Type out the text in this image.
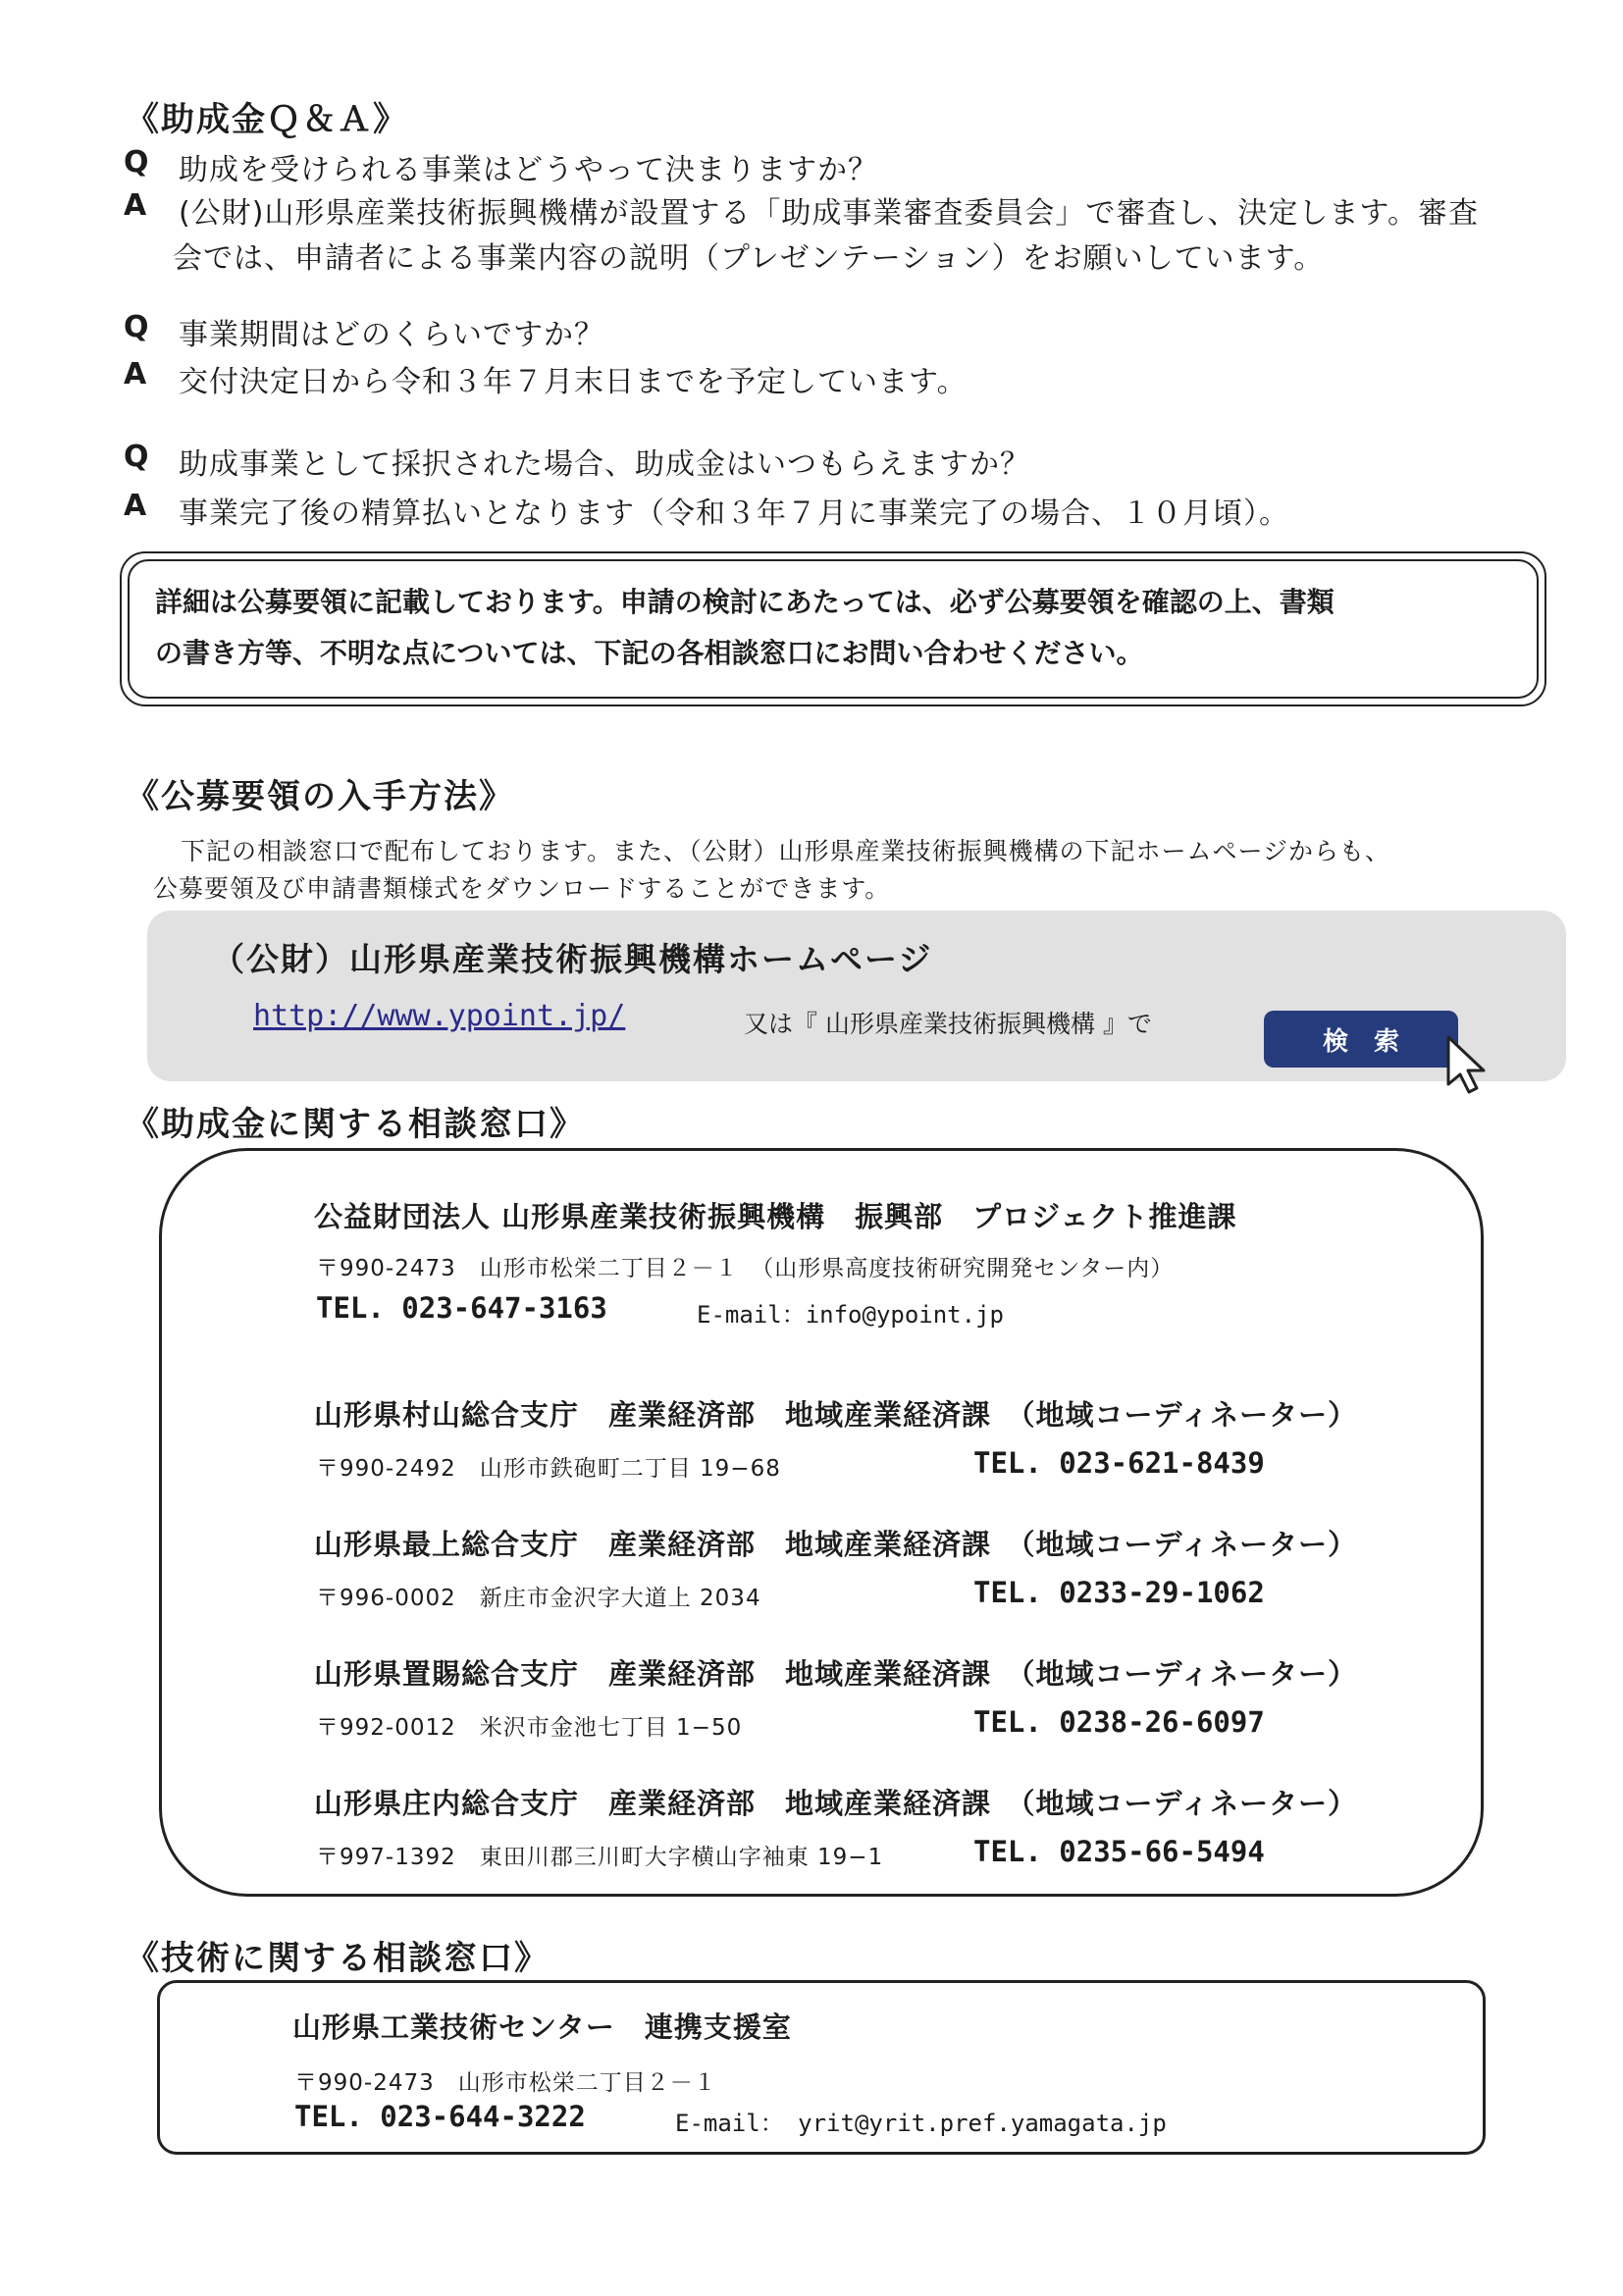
《助成金Ｑ＆Ａ》
Q 助成を受けられる事業はどうやって決まりますか？
A (公財)山形県産業技術振興機構が設置する「助成事業審査委員会」で審査し、決定します。審査
会では、申請者による事業内容の説明（プレゼンテーション）をお願いしています。
Q 事業期間はどのくらいですか？
A 交付決定日から令和３年７月末日までを予定しています。
Q 助成事業として採択された場合、助成金はいつもらえますか？
A 事業完了後の精算払いとなります（令和３年７月に事業完了の場合、１０月頃）。
詳細は公募要領に記載しております。申請の検討にあたっては、必ず公募要領を確認の上、書類
の書き方等、不明な点については、下記の各相談窓口にお問い合わせください。
《公募要領の入手方法》
下記の相談窓口で配布しております。また、（公財）山形県産業技術振興機構の下記ホームページからも、
公募要領及び申請書類様式をダウンロードすることができます。
（公財）山形県産業技術振興機構ホームページ
http://www.ypoint.jp/	又は『 山形県産業技術振興機構 』で
検索
《助成金に関する相談窓口》
公益財団法人 山形県産業技術振興機構　振興部　プロジェクト推進課
〒990-2473　山形市松栄二丁目２－１　（山形県高度技術研究開発センター内）
TEL. 023-647-3163	E-mail：info@ypoint.jp
山形県村山総合支庁　産業経済部　地域産業経済課　（地域コーディネーター）
〒990-2492　山形市鉄砲町二丁目 19−68	TEL. 023-621-8439
山形県最上総合支庁　産業経済部　地域産業経済課　（地域コーディネーター）
〒996-0002　新庄市金沢字大道上 2034	TEL. 0233-29-1062
山形県置賜総合支庁　産業経済部　地域産業経済課　（地域コーディネーター）
〒992-0012　米沢市金池七丁目 1−50	TEL. 0238-26-6097
山形県庄内総合支庁　産業経済部　地域産業経済課　（地域コーディネーター）
〒997-1392　東田川郡三川町大字横山字袖東 19−1	TEL. 0235-66-5494
《技術に関する相談窓口》
山形県工業技術センター　連携支援室
〒990-2473　山形市松栄二丁目２－１
TEL. 023-644-3222	E-mail： yrit@yrit.pref.yamagata.jp
